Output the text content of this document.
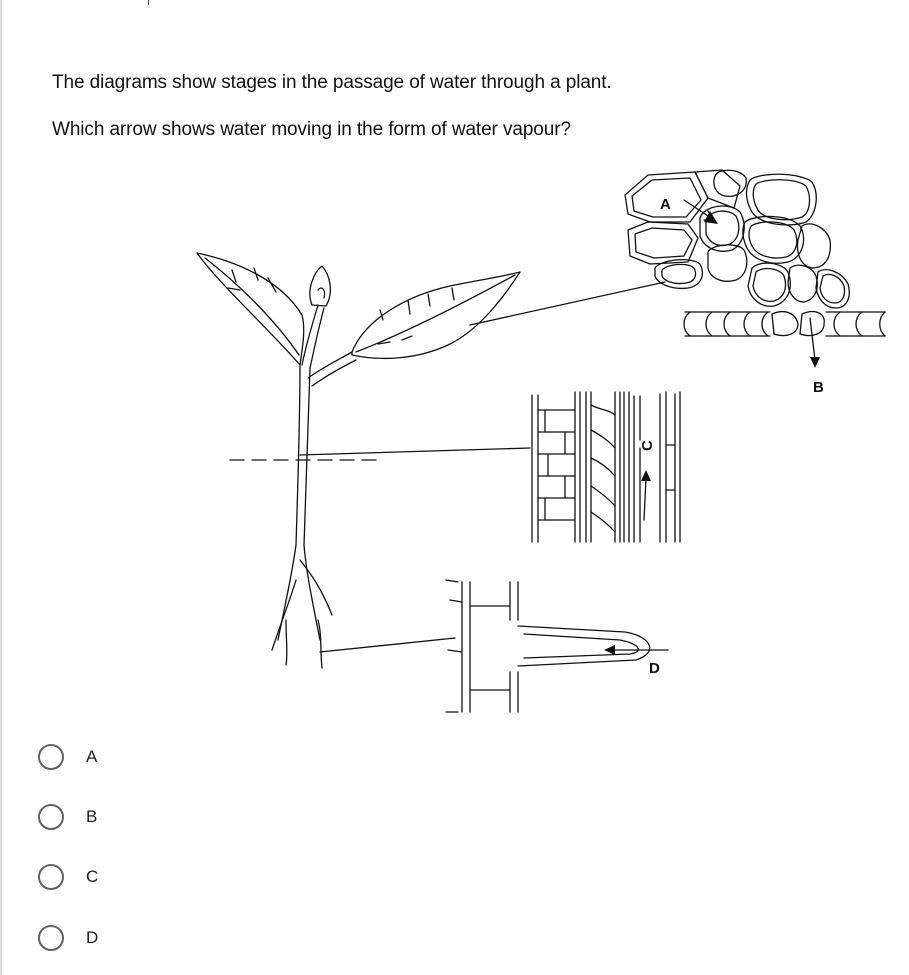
The diagrams show stages in the passage of water through a plant.
Which arrow shows water moving in the form of water vapour?
A
B
C
D
A
B
C
D
